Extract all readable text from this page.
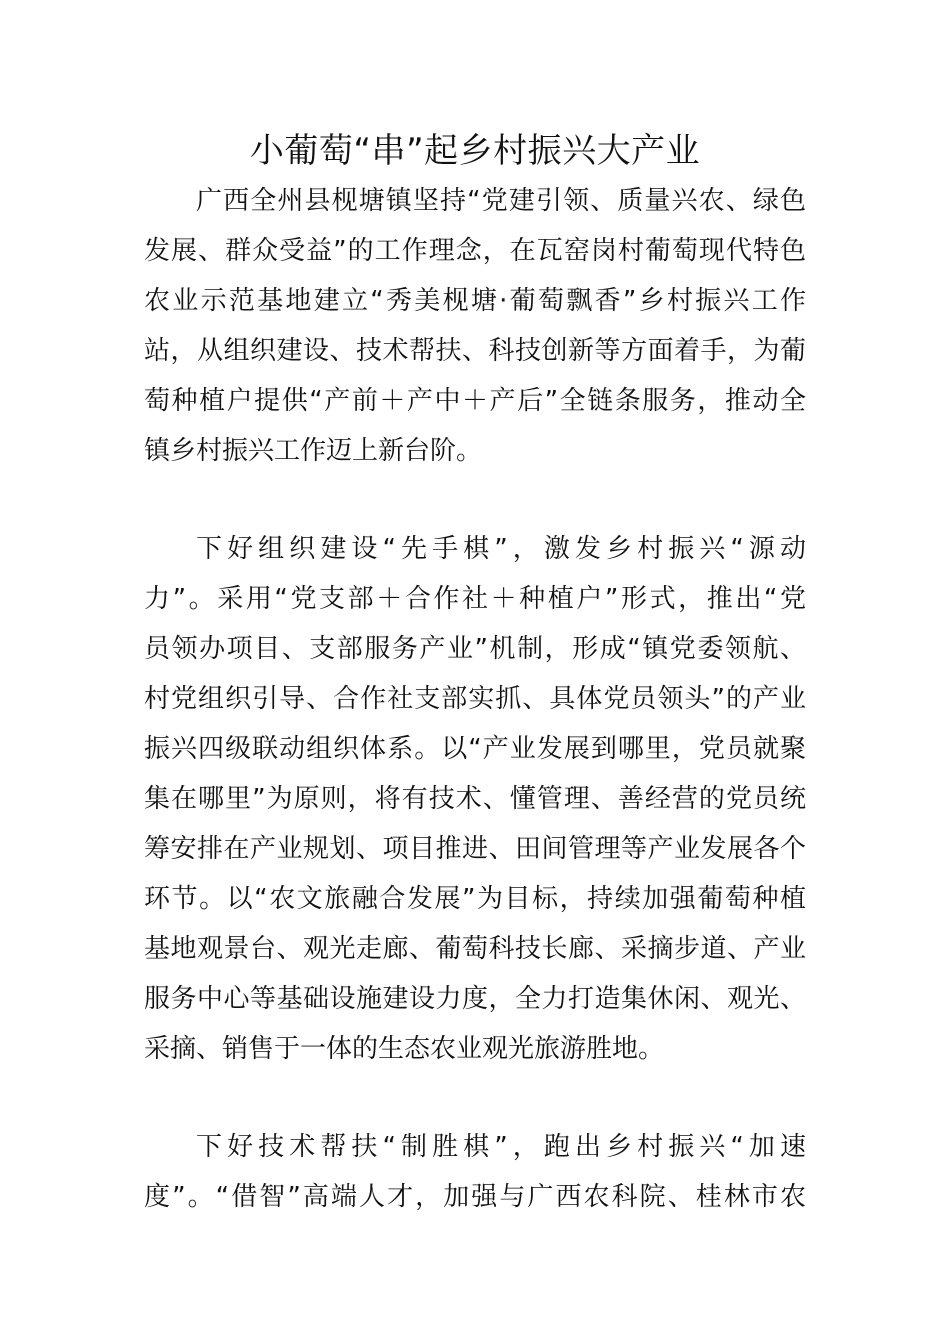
小葡萄“串”起乡村振兴大产业

广西全州县枧塘镇坚持“党建引领、质量兴农、绿色

发展、群众受益”的工作理念，在瓦窑岗村葡萄现代特色

农业示范基地建立“秀美枧塘·葡萄飘香”乡村振兴工作

站，从组织建设、技术帮扶、科技创新等方面着手，为葡

萄种植户提供“产前＋产中＋产后”全链条服务，推动全

镇乡村振兴工作迈上新台阶。

下好组织建设“先手棋”，激发乡村振兴“源动

力”。采用“党支部＋合作社＋种植户”形式，推出“党

员领办项目、支部服务产业”机制，形成“镇党委领航、

村党组织引导、合作社支部实抓、具体党员领头”的产业

振兴四级联动组织体系。以“产业发展到哪里，党员就聚

集在哪里”为原则，将有技术、懂管理、善经营的党员统

筹安排在产业规划、项目推进、田间管理等产业发展各个

环节。以“农文旅融合发展”为目标，持续加强葡萄种植

基地观景台、观光走廊、葡萄科技长廊、采摘步道、产业

服务中心等基础设施建设力度，全力打造集休闲、观光、

采摘、销售于一体的生态农业观光旅游胜地。

下好技术帮扶“制胜棋”，跑出乡村振兴“加速

度”。“借智”高端人才，加强与广西农科院、桂林市农
